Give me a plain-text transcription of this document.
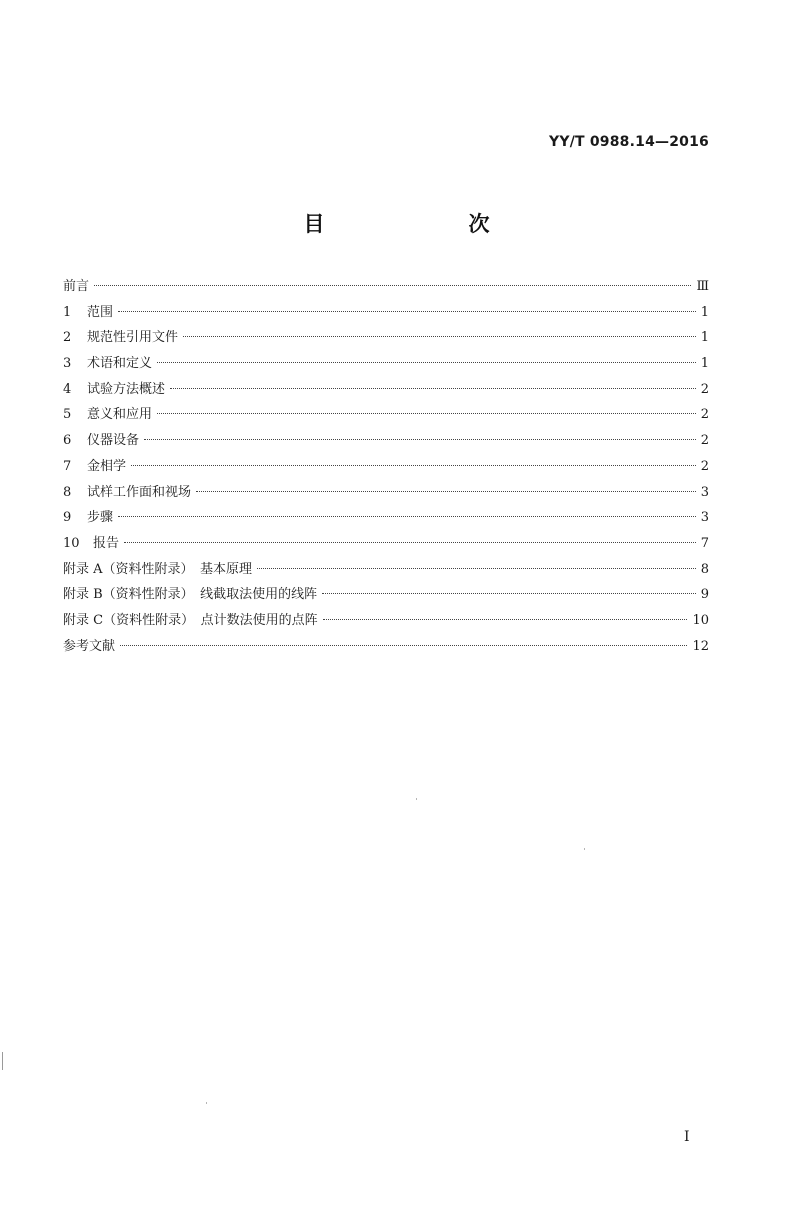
YY/T 0988.14—2016
目　　次
前言	Ⅲ
1	范围	1
2	规范性引用文件	1
3	术语和定义	1
4	试验方法概述	2
5	意义和应用	2
6	仪器设备	2
7	金相学	2
8	试样工作面和视场	3
9	步骤	3
10	报告	7
附录 A（资料性附录）　基本原理	8
附录 B（资料性附录）　线截取法使用的线阵	9
附录 C（资料性附录）　点计数法使用的点阵	10
参考文献	12
I
